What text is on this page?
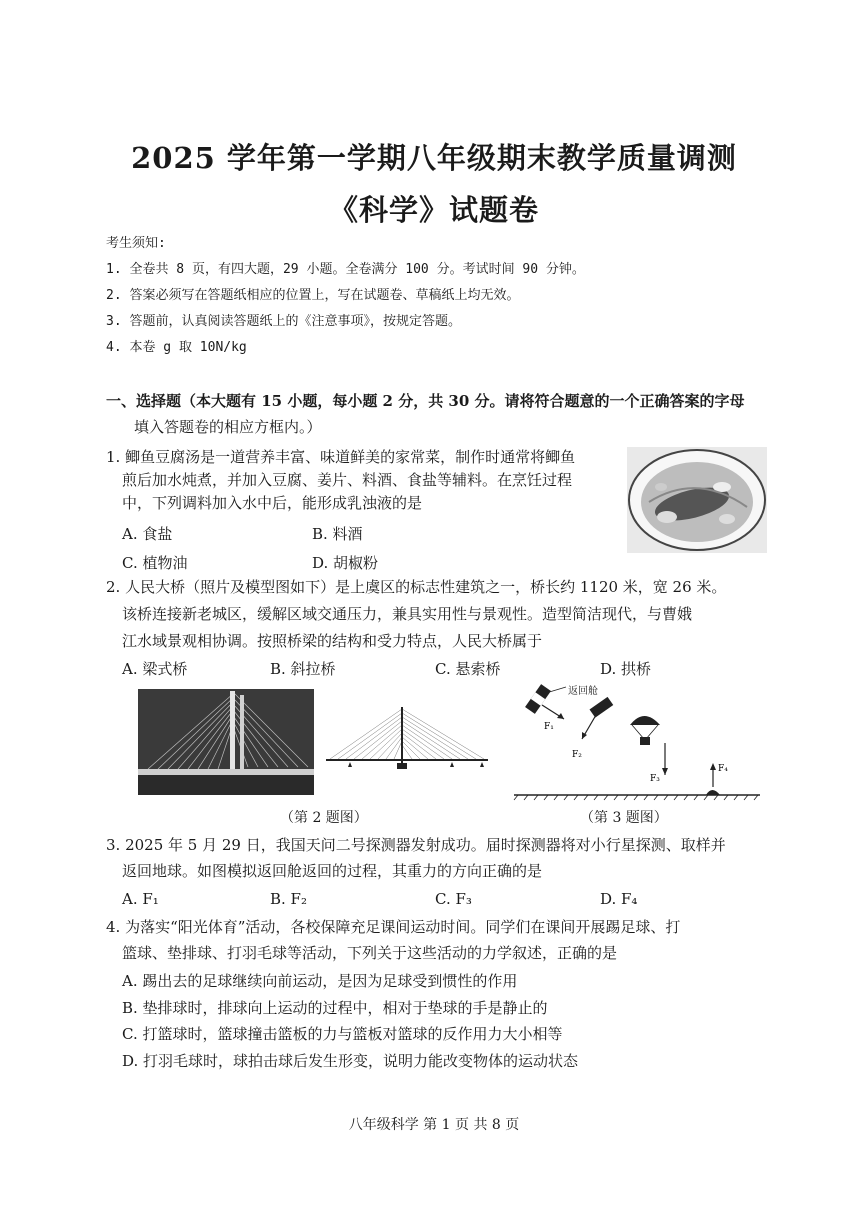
2025 学年第一学期八年级期末教学质量调测
《科学》试题卷
考生须知:
1. 全卷共 8 页，有四大题，29 小题。全卷满分 100 分。考试时间 90 分钟。
2. 答案必须写在答题纸相应的位置上，写在试题卷、草稿纸上均无效。
3. 答题前，认真阅读答题纸上的《注意事项》，按规定答题。
4. 本卷 g 取 10N/kg
一、选择题（本大题有 15 小题，每小题 2 分，共 30 分。请将符合题意的一个正确答案的字母
填入答题卷的相应方框内。）
1. 鲫鱼豆腐汤是一道营养丰富、味道鲜美的家常菜，制作时通常将鲫鱼
煎后加水炖煮，并加入豆腐、姜片、料酒、食盐等辅料。在烹饪过程
中，下列调料加入水中后，能形成乳浊液的是
A. 食盐	B. 料酒
C. 植物油	D. 胡椒粉
2. 人民大桥（照片及模型图如下）是上虞区的标志性建筑之一，桥长约 1120 米，宽 26 米。
该桥连接新老城区，缓解区域交通压力，兼具实用性与景观性。造型简洁现代，与曹娥
江水域景观相协调。按照桥梁的结构和受力特点，人民大桥属于
A. 梁式桥	B. 斜拉桥	C. 悬索桥	D. 拱桥
F₁
F₂
F₃
F₄
返回舱
（第 2 题图）	（第 3 题图）
3. 2025 年 5 月 29 日，我国天问二号探测器发射成功。届时探测器将对小行星探测、取样并
返回地球。如图模拟返回舱返回的过程，其重力的方向正确的是
A. F₁	B. F₂	C. F₃	D. F₄
4. 为落实“阳光体育”活动，各校保障充足课间运动时间。同学们在课间开展踢足球、打
篮球、垫排球、打羽毛球等活动，下列关于这些活动的力学叙述，正确的是
A. 踢出去的足球继续向前运动，是因为足球受到惯性的作用
B. 垫排球时，排球向上运动的过程中，相对于垫球的手是静止的
C. 打篮球时，篮球撞击篮板的力与篮板对篮球的反作用力大小相等
D. 打羽毛球时，球拍击球后发生形变，说明力能改变物体的运动状态
八年级科学 第 1 页 共 8 页
